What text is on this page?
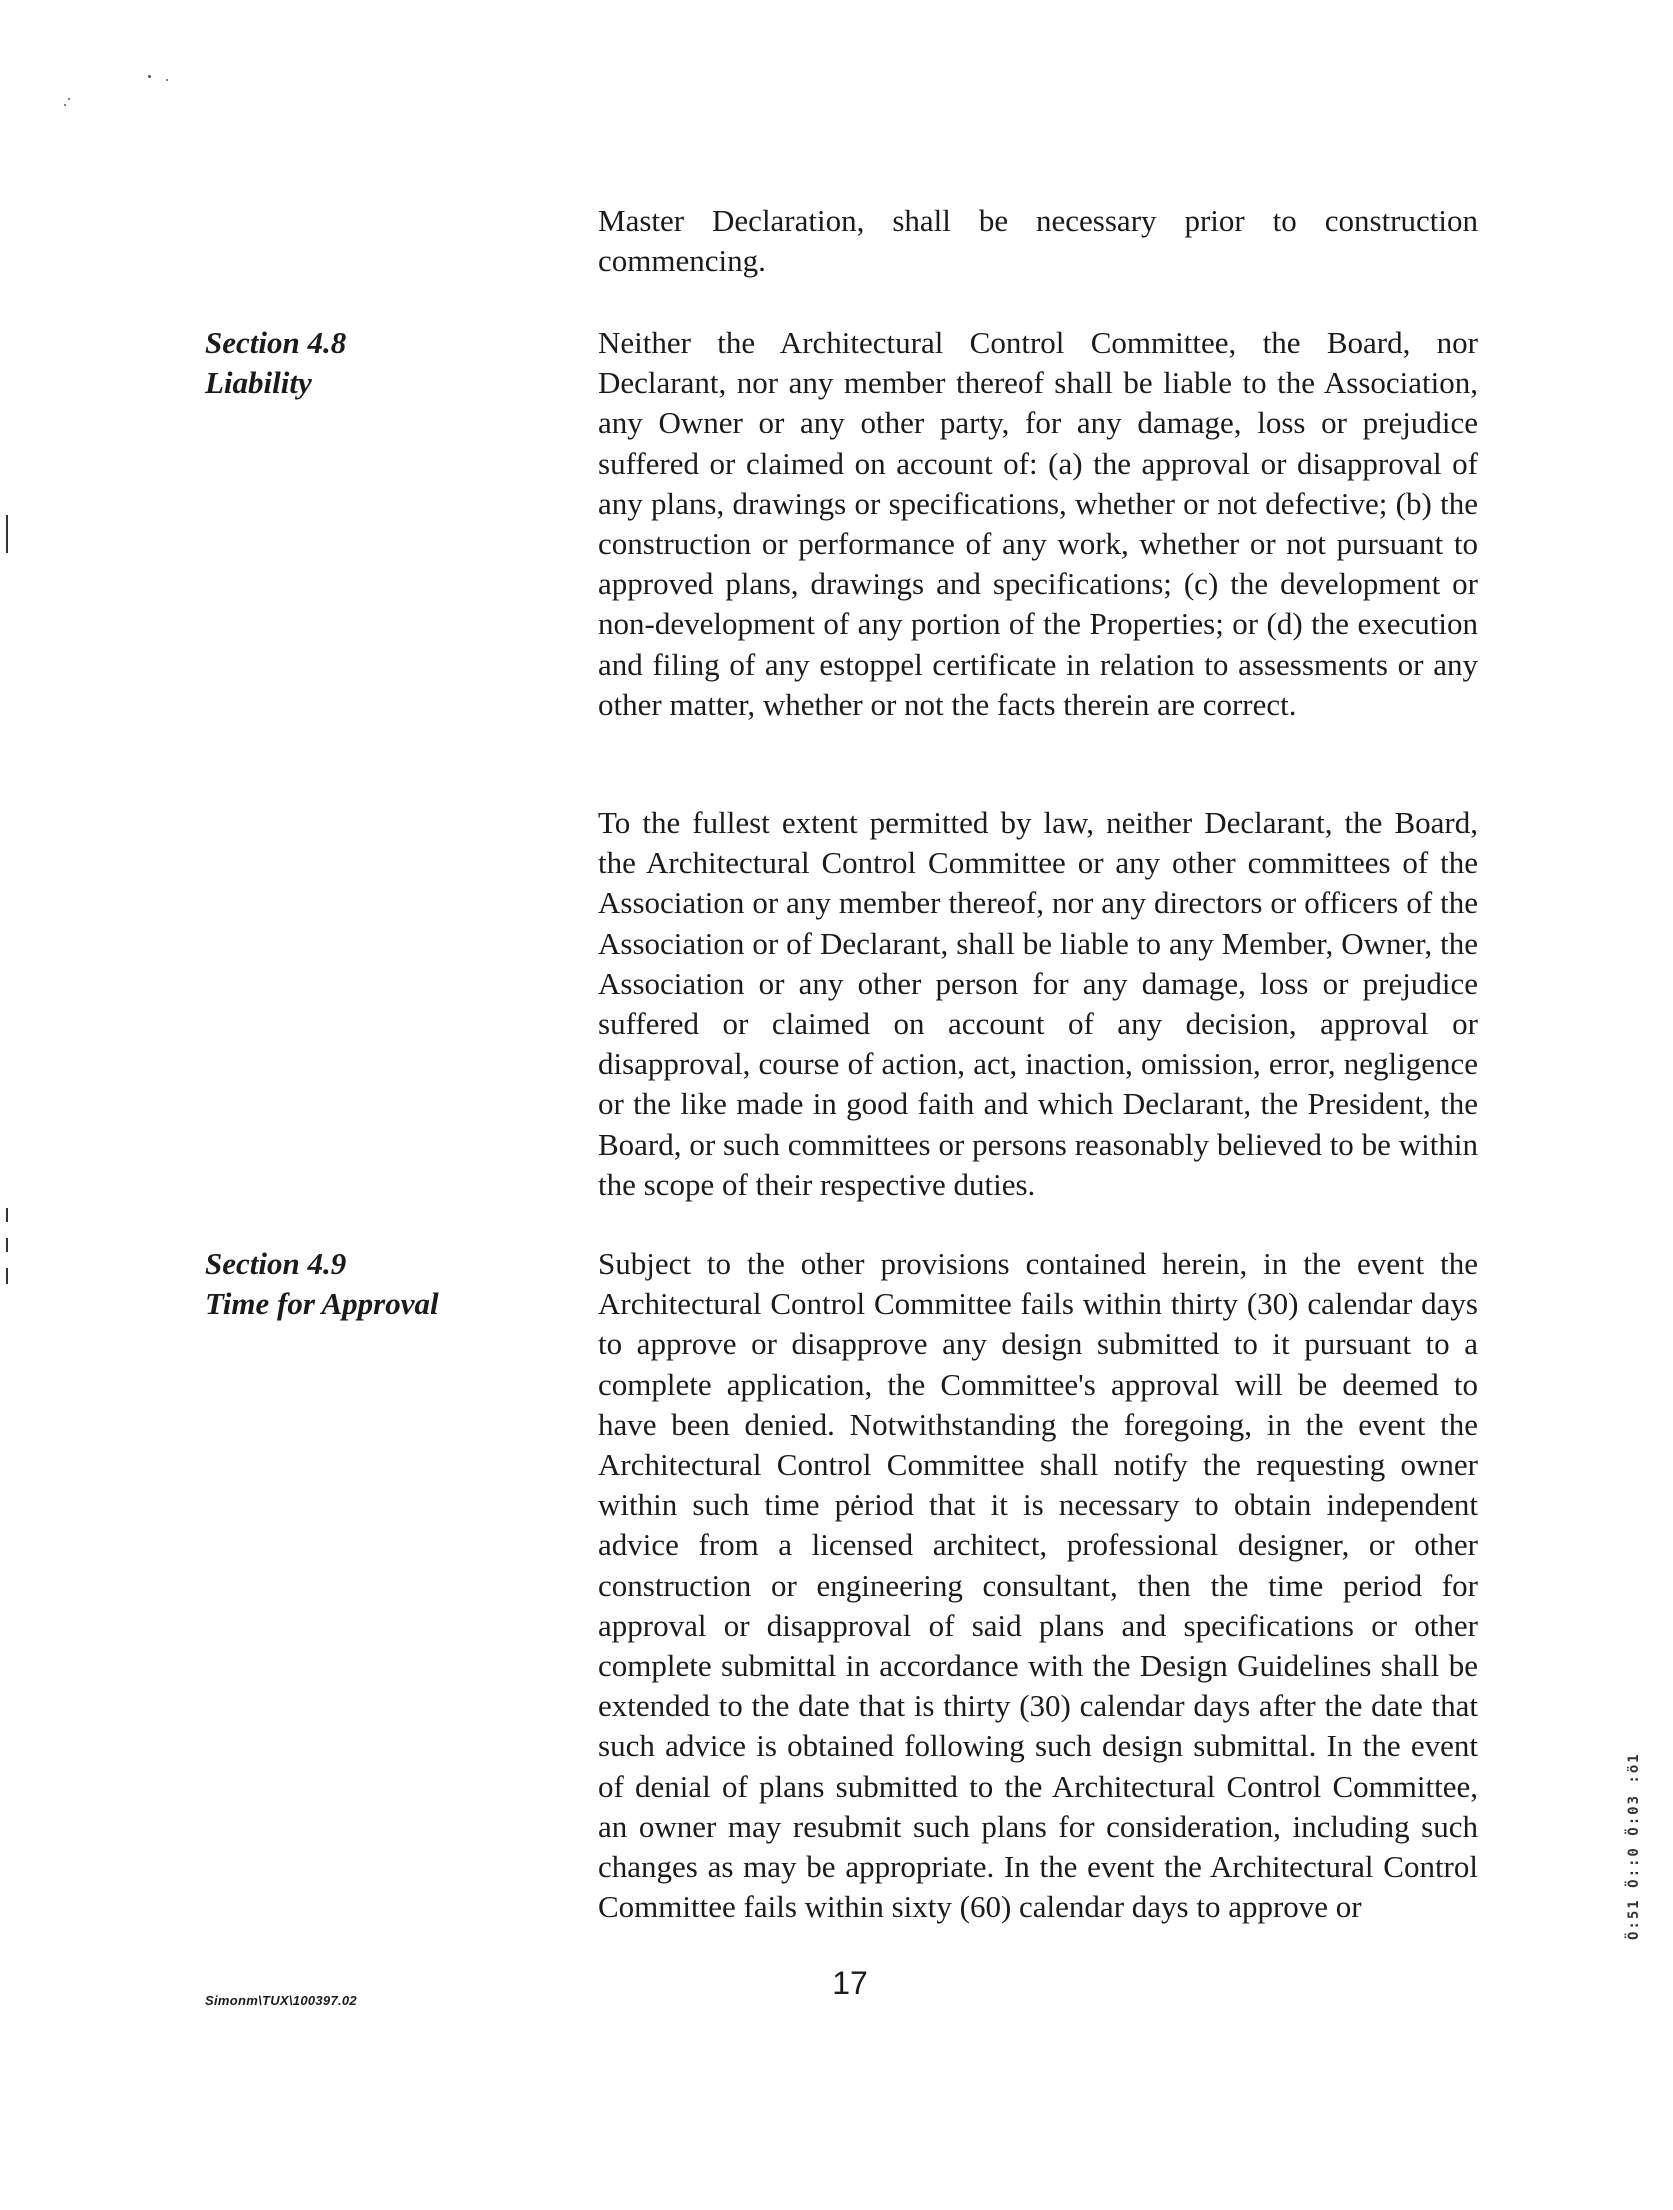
Master Declaration, shall be necessary prior to construction commencing.

Section 4.8
Liability

Neither the Architectural Control Committee, the Board, nor Declarant, nor any member thereof shall be liable to the Association, any Owner or any other party, for any damage, loss or prejudice suffered or claimed on account of: (a) the approval or disapproval of any plans, drawings or specifications, whether or not defective; (b) the construction or performance of any work, whether or not pursuant to approved plans, drawings and specifications; (c) the development or non-development of any portion of the Properties; or (d) the execution and filing of any estoppel certificate in relation to assessments or any other matter, whether or not the facts therein are correct.

To the fullest extent permitted by law, neither Declarant, the Board, the Architectural Control Committee or any other committees of the Association or any member thereof, nor any directors or officers of the Association or of Declarant, shall be liable to any Member, Owner, the Association or any other person for any damage, loss or prejudice suffered or claimed on account of any decision, approval or disapproval, course of action, act, inaction, omission, error, negligence or the like made in good faith and which Declarant, the President, the Board, or such committees or persons reasonably believed to be within the scope of their respective duties.

Section 4.9
Time for Approval

Subject to the other provisions contained herein, in the event the Architectural Control Committee fails within thirty (30) calendar days to approve or disapprove any design submitted to it pursuant to a complete application, the Committee's approval will be deemed to have been denied. Notwithstanding the foregoing, in the event the Architectural Control Committee shall notify the requesting owner within such time pėriod that it is necessary to obtain independent advice from a licensed architect, professional designer, or other construction or engineering consultant, then the time period for approval or disapproval of said plans and specifications or other complete submittal in accordance with the Design Guidelines shall be extended to the date that is thirty (30) calendar days after the date that such advice is obtained following such design submittal. In the event of denial of plans submitted to the Architectural Control Committee, an owner may resubmit such plans for consideration, including such changes as may be appropriate. In the event the Architectural Control Committee fails within sixty (60) calendar days to approve or	Ö:51 Ö::0 Ö:03 :ö1
Simonm\TUX\100397.02	17
